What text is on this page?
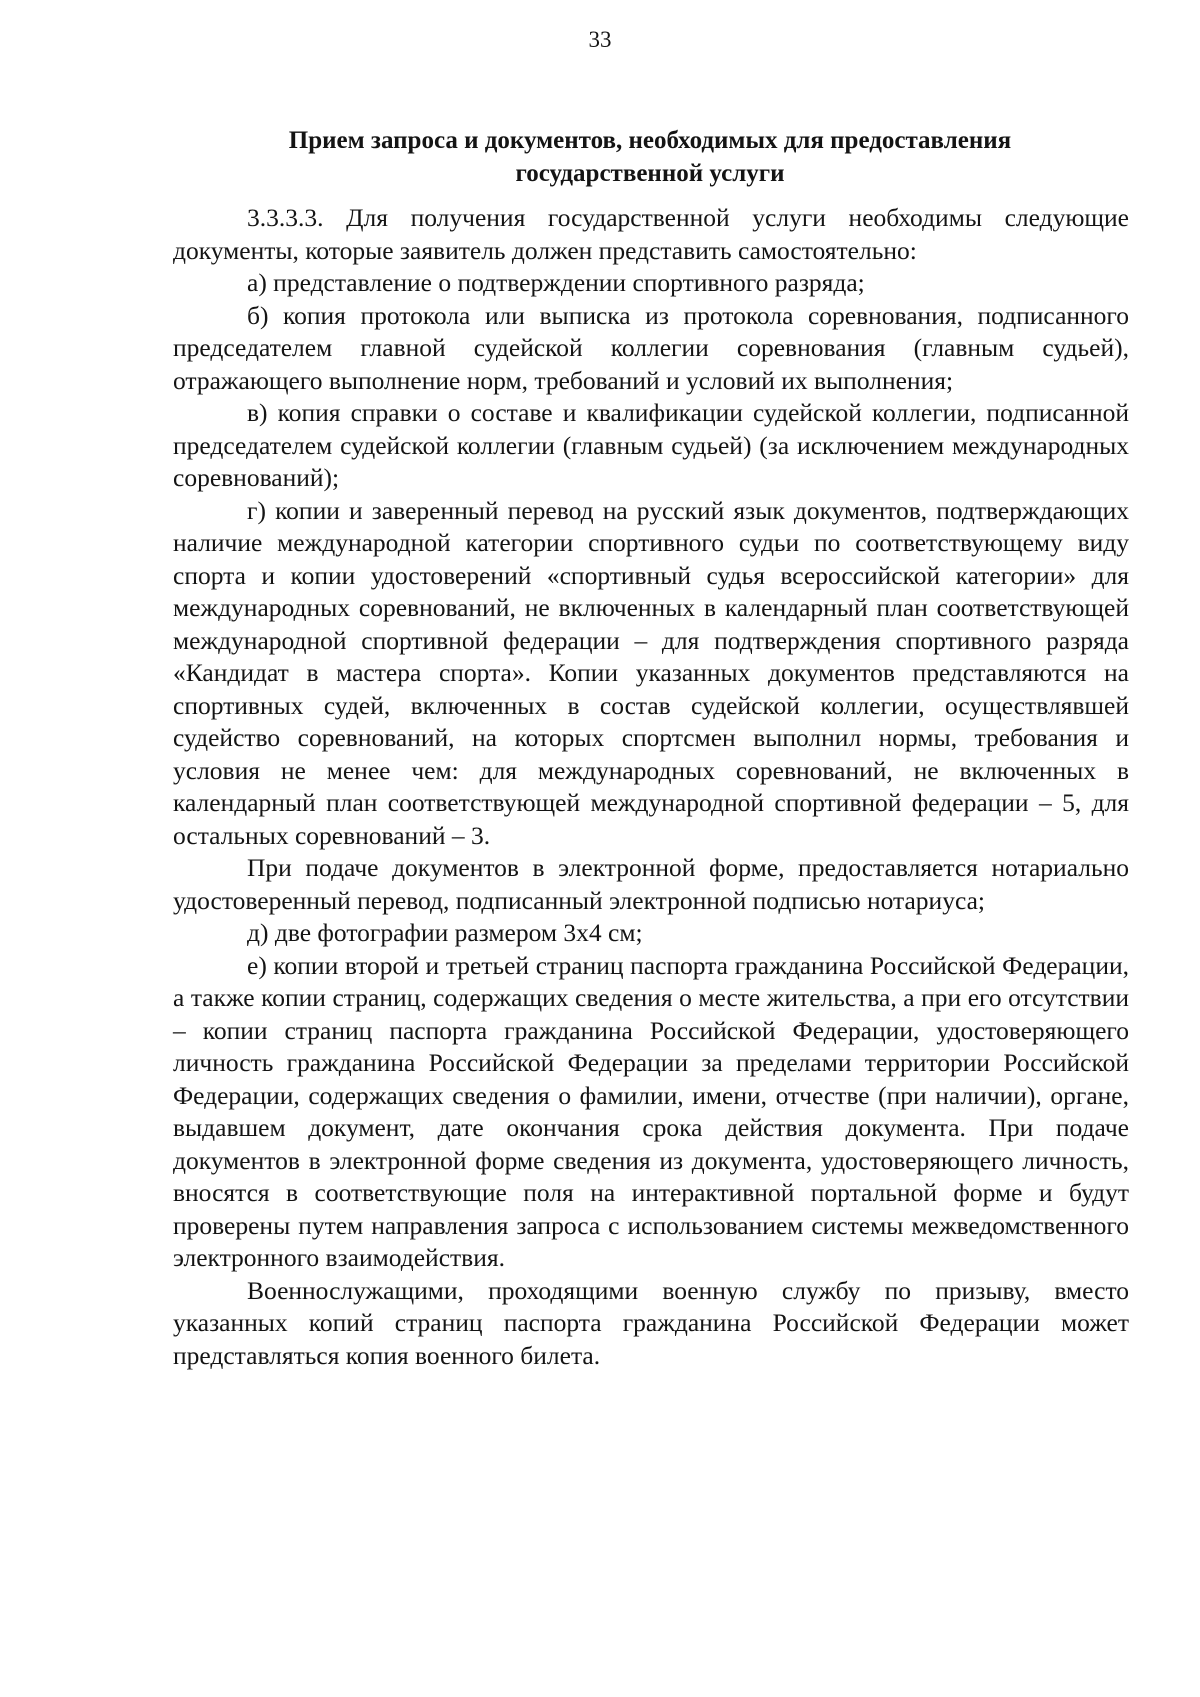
33
Прием запроса и документов, необходимых для предоставления
государственной услуги

3.3.3.3. Для получения государственной услуги необходимы следующие документы, которые заявитель должен представить самостоятельно:

а) представление о подтверждении спортивного разряда;

б) копия протокола или выписка из протокола соревнования, подписанного председателем главной судейской коллегии соревнования (главным судьей), отражающего выполнение норм, требований и условий их выполнения;

в) копия справки о составе и квалификации судейской коллегии, подписанной председателем судейской коллегии (главным судьей) (за исключением международных соревнований);

г) копии и заверенный перевод на русский язык документов, подтверждающих наличие международной категории спортивного судьи по соответствующему виду спорта и копии удостоверений «спортивный судья всероссийской категории» для международных соревнований, не включенных в календарный план соответствующей международной спортивной федерации – для подтверждения спортивного разряда «Кандидат в мастера спорта». Копии указанных документов представляются на спортивных судей, включенных в состав судейской коллегии, осуществлявшей судейство соревнований, на которых спортсмен выполнил нормы, требования и условия не менее чем: для международных соревнований, не включенных в календарный план соответствующей международной спортивной федерации – 5, для остальных соревнований – 3.

При подаче документов в электронной форме, предоставляется нотариально удостоверенный перевод, подписанный электронной подписью нотариуса;

д) две фотографии размером 3х4 см;

е) копии второй и третьей страниц паспорта гражданина Российской Федерации, а также копии страниц, содержащих сведения о месте жительства, а при его отсутствии – копии страниц паспорта гражданина Российской Федерации, удостоверяющего личность гражданина Российской Федерации за пределами территории Российской Федерации, содержащих сведения о фамилии, имени, отчестве (при наличии), органе, выдавшем документ, дате окончания срока действия документа. При подаче документов в электронной форме сведения из документа, удостоверяющего личность, вносятся в соответствующие поля на интерактивной портальной форме и будут проверены путем направления запроса с использованием системы межведомственного электронного взаимодействия.

Военнослужащими, проходящими военную службу по призыву, вместо указанных копий страниц паспорта гражданина Российской Федерации может представляться копия военного билета.
